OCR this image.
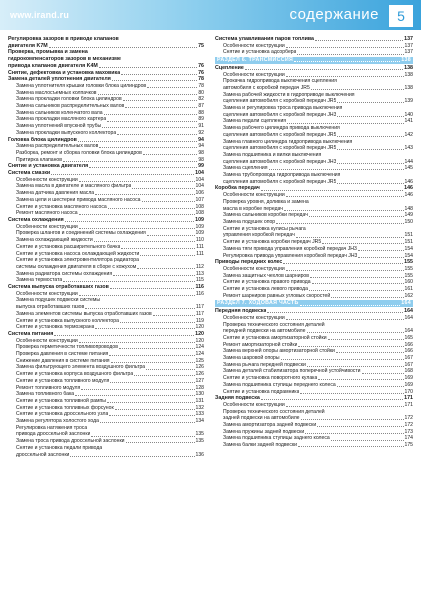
www.irand.ru	содержание	5
Регулировка зазоров в приводе клапанов
двигателя K7M	75
Проверка, промывка и замена
гидрокомпенсаторов зазоров в механизме
привода клапанов двигателя K4M	76
Снятие, дефектовка и установка маховика	76
Замена деталей уплотнения двигателя	78
Замена уплотнителя крышки головки блока цилиндров	78
Замена маслосъемных колпачков	80
Замена прокладки головки блока цилиндров	82
Замена сальников распределительных валов	87
Замена сальников коленчатого вала	88
Замена прокладки масляного картера	89
Замена уплотнений впускной трубы	91
Замена прокладки выпускного коллектора	92
Головка блока цилиндров	94
Замена распределительных валов	94
Разборка, ремонт и сборка головки блока цилиндров	98
Притирка клапанов	98
Снятие и установка двигателя	99
Система смазки	104
Особенности конструкции	104
Замена масла в двигателе и масляного фильтра	104
Замена датчика давления масла	106
Замена цепи и шестерни привода масляного насоса	107
Снятие и установка масляного насоса	108
Ремонт масляного насоса	108
Система охлаждения	109
Особенности конструкции	109
Проверка шлангов и соединений системы охлаждения	109
Замена охлаждающей жидкости	110
Снятие и установка расширительного бачка	111
Снятие и установка насоса охлаждающей жидкости	111
Снятие и установка электровентилятора радиатора
системы охлаждения двигателя в сборе с кожухом	112
Замена радиатора системы охлаждения	113
Замена термостата	115
Система выпуска отработавших газов	116
Особенности конструкции	116
Замена подушек подвески системы
выпуска отработавших газов	117
Замена элементов системы выпуска отработавших газов	117
Снятие и установка выпускного коллектора	119
Снятие и установка термоэкрана	120
Система питания	120
Особенности конструкции	120
Проверка герметичности топливопроводов	124
Проверка давления в системе питания	124
Снижение давления в системе питания	125
Замена фильтрующего элемента воздушного фильтра	126
Снятие и установка корпуса воздушного фильтра	126
Снятие и установка топливного модуля	127
Ремонт топливного модуля	128
Замена топливного бака	130
Снятие и установка топливной рампы	131
Снятие и установка топливных форсунок	132
Снятие и установка дроссельного узла	133
Замена регулятора холостого хода	134
Регулировка натяжения троса
привода дроссельной заслонки	135
Замена троса привода дроссельной заслонки	135
Снятие и установка педали привода
дроссельной заслонки	136
Система улавливания паров топлива	137
Особенности конструкции	137
Снятие и установка адсорбера	137
РАЗДЕЛ 6. ТРАНСМИССИЯ	138
Сцепление	138
Особенности конструкции	138
Прокачка гидропривода выключения сцепления
автомобиля с коробкой передач JR5	138
Замена рабочей жидкости в гидроприводе выключения
сцепления автомобиля с коробкой передач JR5	139
Замена и регулировка троса привода выключения
сцепления автомобиля с коробкой передач JH3	140
Замена педали сцепления	141
Замена рабочего цилиндра привода выключения
сцепления автомобиля с коробкой передач JR5	142
Замена главного цилиндра гидропривода выключения
сцепления автомобиля с коробкой передач JR5	143
Замена подшипника и вилки выключения
сцепления автомобиля с коробкой передач JH3	144
Замена сцепления	145
Замена трубопровода гидропривода выключения
сцепления автомобиля с коробкой передач JR5	146
Коробка передач	146
Особенности конструкции	146
Проверка уровня, доливка и замена
масла в коробке передач	148
Замена сальников коробки передач	149
Замена подушек опор	150
Снятие и установка кулисы рычага
управления коробкой передач	151
Снятие и установка коробки передач JR5	151
Замена тяги привода управления коробкой передач JH3	154
Регулировка привода управления коробкой передач JH3	154
Приводы передних колес	155
Особенности конструкции	155
Замена защитных чехлов шарниров	155
Снятие и установка правого привода	160
Снятие и установка левого привода	161
Ремонт шарниров равных угловых скоростей	162
РАЗДЕЛ 7. ХОДОВАЯ ЧАСТЬ	164
Передняя подвеска	164
Особенности конструкции	164
Проверка технического состояния деталей
передней подвески на автомобиле	164
Снятие и установка амортизаторной стойки	165
Ремонт амортизаторной стойки	166
Замена верхней опоры амортизаторной стойки	166
Замена шаровой опоры	167
Замена рычага передней подвески	167
Замена деталей стабилизатора поперечной устойчивости	168
Снятие и установка поворотного кулака	169
Замена подшипника ступицы переднего колеса	169
Снятие и установка подрамника	170
Задняя подвеска	171
Особенности конструкции	171
Проверка технического состояния деталей
задней подвески на автомобиле	172
Замена амортизатора задней подвески	172
Замена пружины задней подвески	173
Замена подшипника ступицы заднего колеса	174
Замена балки задней подвески	175
